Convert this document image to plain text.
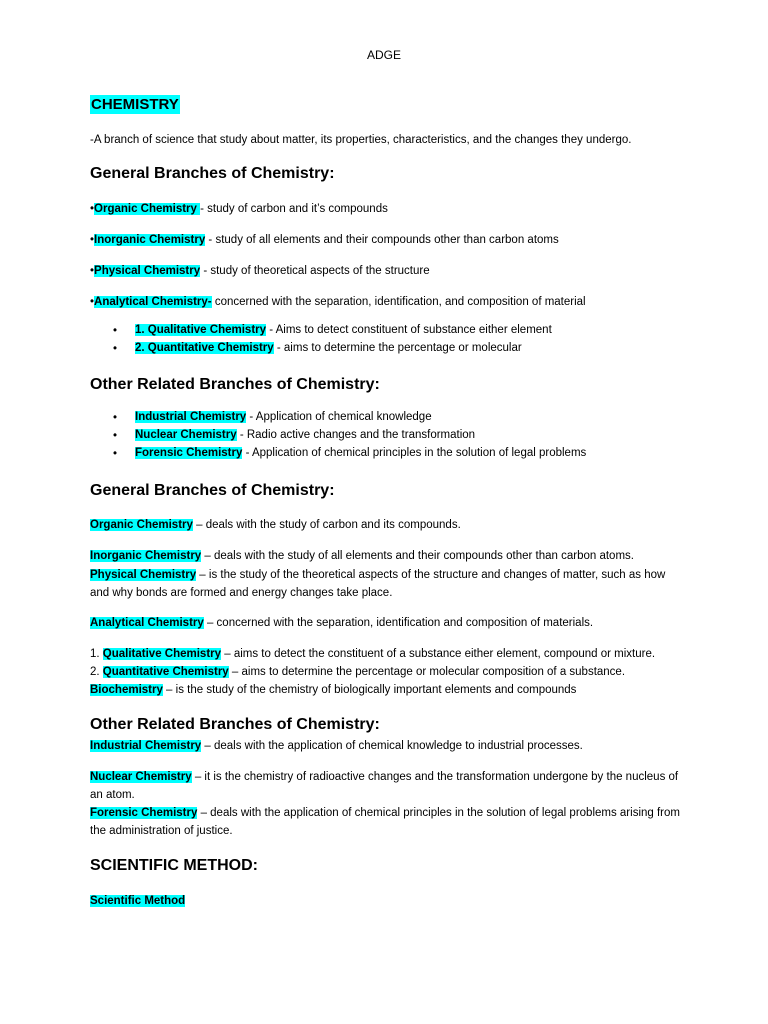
ADGE
CHEMISTRY
-A branch of science that study about matter, its properties, characteristics, and the changes they undergo.
General Branches of Chemistry:
•Organic Chemistry - study of carbon and it’s compounds
•Inorganic Chemistry - study of all elements and their compounds other than carbon atoms
•Physical Chemistry - study of theoretical aspects of the structure
•Analytical Chemistry- concerned with the separation, identification, and composition of material
• 1. Qualitative Chemistry - Aims to detect constituent of substance either element
• 2. Quantitative Chemistry - aims to determine the percentage or molecular
Other Related Branches of Chemistry:
• Industrial Chemistry - Application of chemical knowledge
• Nuclear Chemistry - Radio active changes and the transformation
• Forensic Chemistry - Application of chemical principles in the solution of legal problems
General Branches of Chemistry:
Organic Chemistry – deals with the study of carbon and its compounds.
Inorganic Chemistry – deals with the study of all elements and their compounds other than carbon atoms.
Physical Chemistry – is the study of the theoretical aspects of the structure and changes of matter, such as how and why bonds are formed and energy changes take place.
Analytical Chemistry – concerned with the separation, identification and composition of materials.
1. Qualitative Chemistry – aims to detect the constituent of a substance either element, compound or mixture.
2. Quantitative Chemistry – aims to determine the percentage or molecular composition of a substance.
Biochemistry – is the study of the chemistry of biologically important elements and compounds
Other Related Branches of Chemistry:
Industrial Chemistry – deals with the application of chemical knowledge to industrial processes.
Nuclear Chemistry – it is the chemistry of radioactive changes and the transformation undergone by the nucleus of an atom.
Forensic Chemistry – deals with the application of chemical principles in the solution of legal problems arising from the administration of justice.
SCIENTIFIC METHOD:
Scientific Method
